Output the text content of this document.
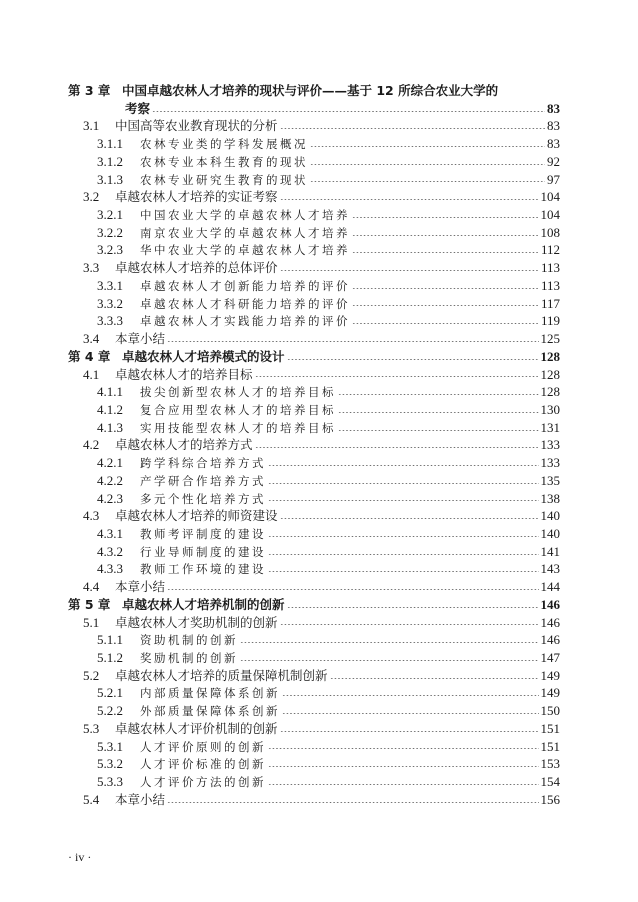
第 3 章 中国卓越农林人才培养的现状与评价——基于 12 所综合农业大学的
考察	83
3.1	中国高等农业教育现状的分析	83
3.1.1	农林专业类的学科发展概况	83
3.1.2	农林专业本科生教育的现状	92
3.1.3	农林专业研究生教育的现状	97
3.2	卓越农林人才培养的实证考察	104
3.2.1	中国农业大学的卓越农林人才培养	104
3.2.2	南京农业大学的卓越农林人才培养	108
3.2.3	华中农业大学的卓越农林人才培养	112
3.3	卓越农林人才培养的总体评价	113
3.3.1	卓越农林人才创新能力培养的评价	113
3.3.2	卓越农林人才科研能力培养的评价	117
3.3.3	卓越农林人才实践能力培养的评价	119
3.4	本章小结	125
第 4 章 卓越农林人才培养模式的设计	128
4.1	卓越农林人才的培养目标	128
4.1.1	拔尖创新型农林人才的培养目标	128
4.1.2	复合应用型农林人才的培养目标	130
4.1.3	实用技能型农林人才的培养目标	131
4.2	卓越农林人才的培养方式	133
4.2.1	跨学科综合培养方式	133
4.2.2	产学研合作培养方式	135
4.2.3	多元个性化培养方式	138
4.3	卓越农林人才培养的师资建设	140
4.3.1	教师考评制度的建设	140
4.3.2	行业导师制度的建设	141
4.3.3	教师工作环境的建设	143
4.4	本章小结	144
第 5 章 卓越农林人才培养机制的创新	146
5.1	卓越农林人才奖助机制的创新	146
5.1.1	资助机制的创新	146
5.1.2	奖励机制的创新	147
5.2	卓越农林人才培养的质量保障机制创新	149
5.2.1	内部质量保障体系创新	149
5.2.2	外部质量保障体系创新	150
5.3	卓越农林人才评价机制的创新	151
5.3.1	人才评价原则的创新	151
5.3.2	人才评价标准的创新	153
5.3.3	人才评价方法的创新	154
5.4	本章小结	156
· iv ·
